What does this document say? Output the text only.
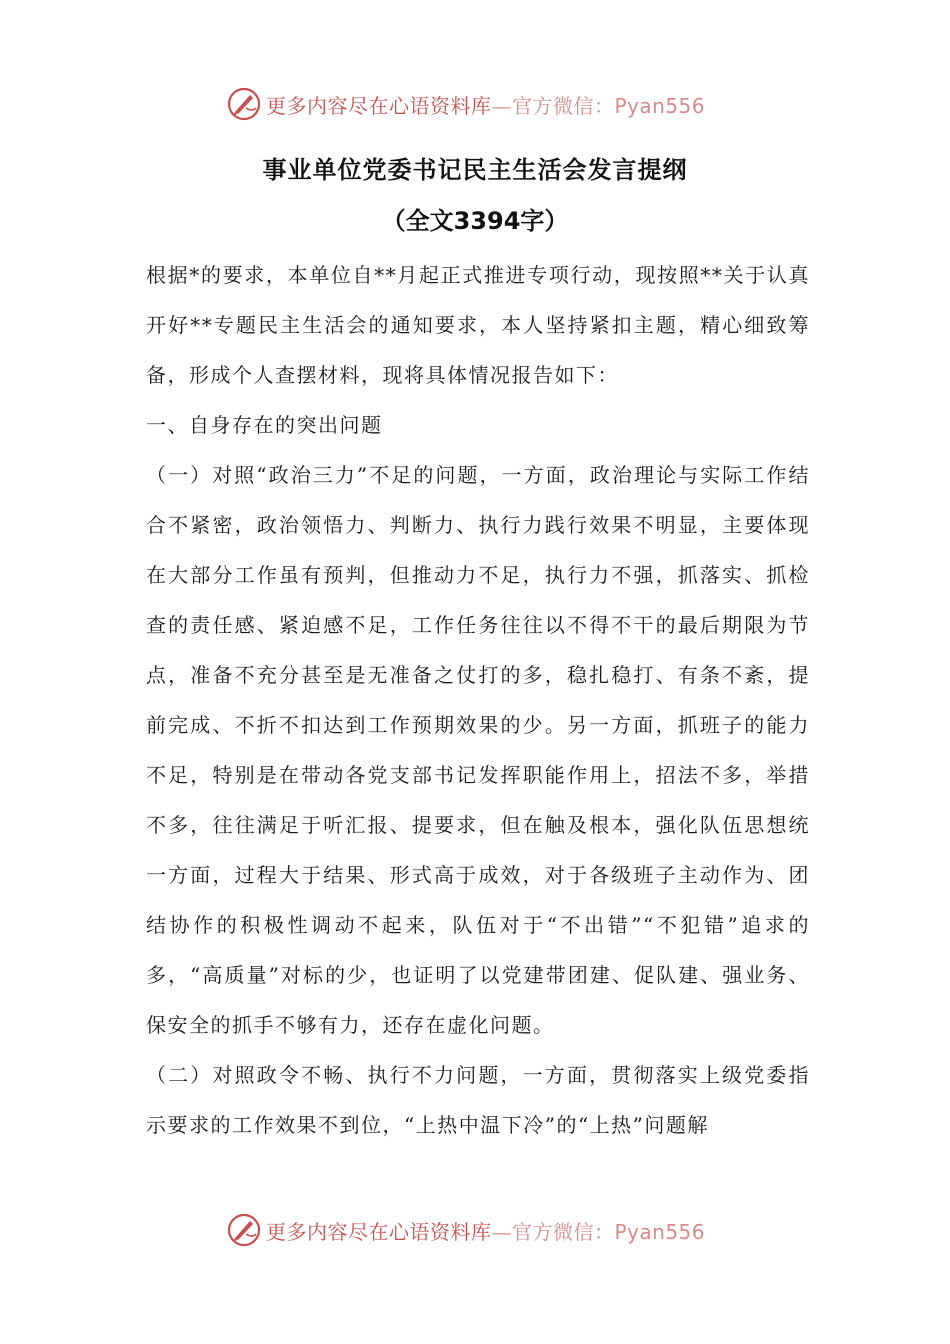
更多内容尽在心语资料库—官方微信：Pyan556
事业单位党委书记民主生活会发言提纲
（全文3394字）

根据*的要求，本单位自**月起正式推进专项行动，现按照**关于认真开好**专题民主生活会的通知要求，本人坚持紧扣主题，精心细致筹备，形成个人查摆材料，现将具体情况报告如下：

一、自身存在的突出问题

（一）对照“政治三力”不足的问题，一方面，政治理论与实际工作结合不紧密，政治领悟力、判断力、执行力践行效果不明显，主要体现在大部分工作虽有预判，但推动力不足，执行力不强，抓落实、抓检查的责任感、紧迫感不足，工作任务往往以不得不干的最后期限为节点，准备不充分甚至是无准备之仗打的多，稳扎稳打、有条不紊，提前完成、不折不扣达到工作预期效果的少。另一方面，抓班子的能力不足，特别是在带动各党支部书记发挥职能作用上，招法不多，举措不多，往往满足于听汇报、提要求，但在触及根本，强化队伍思想统一方面，过程大于结果、形式高于成效，对于各级班子主动作为、团结协作的积极性调动不起来，队伍对于“不出错”“不犯错”追求的多，“高质量”对标的少，也证明了以党建带团建、促队建、强业务、保安全的抓手不够有力，还存在虚化问题。

（二）对照政令不畅、执行不力问题，一方面，贯彻落实上级党委指示要求的工作效果不到位，“上热中温下冷”的“上热”问题解

更多内容尽在心语资料库—官方微信：Pyan556
